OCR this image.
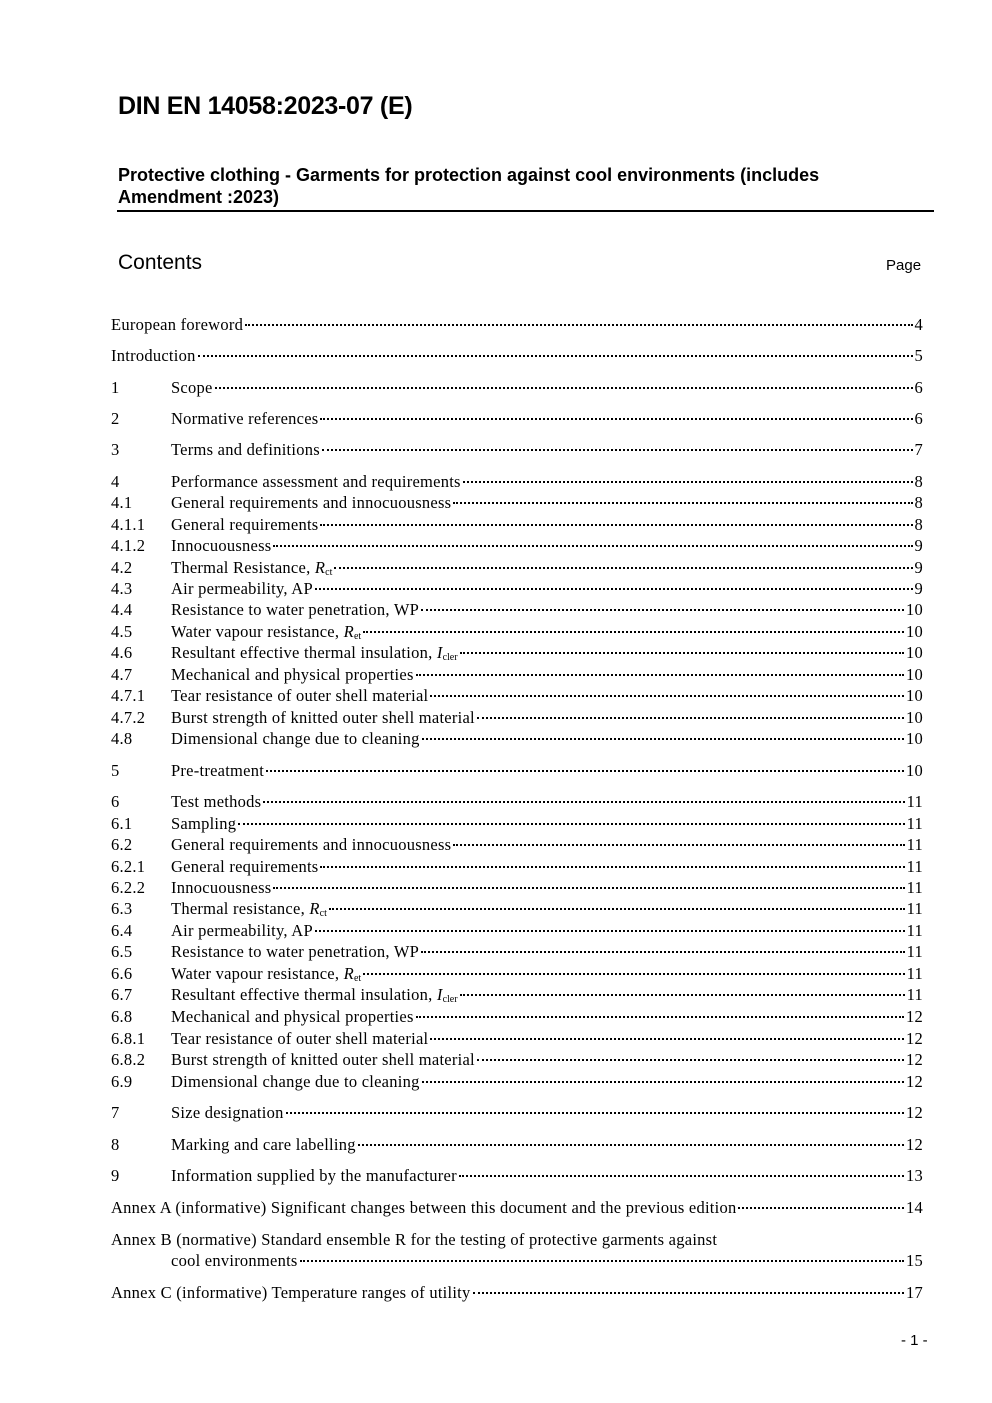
DIN EN 14058:2023-07 (E)
Protective clothing - Garments for protection against cool environments (includes Amendment :2023)
Contents	Page
European foreword	4
Introduction	5
1	Scope	6
2	Normative references	6
3	Terms and definitions	7
4	Performance assessment and requirements	8
4.1 General requirements and innocuousness	8
4.1.1 General requirements	8
4.1.2 Innocuousness	9
4.2 Thermal Resistance, $R_{ct}$	9
4.3 Air permeability, AP	9
4.4 Resistance to water penetration, WP	10
4.5 Water vapour resistance, $R_{et}$	10
4.6 Resultant effective thermal insulation, $I_{cler}$	10
4.7 Mechanical and physical properties	10
4.7.1 Tear resistance of outer shell material	10
4.7.2 Burst strength of knitted outer shell material	10
4.8 Dimensional change due to cleaning	10
5	Pre-treatment	10
6	Test methods	11
6.1 Sampling	11
6.2 General requirements and innocuousness	11
6.2.1 General requirements	11
6.2.2 Innocuousness	11
6.3 Thermal resistance, $R_{ct}$	11
6.4 Air permeability, AP	11
6.5 Resistance to water penetration, WP	11
6.6 Water vapour resistance, $R_{et}$	11
6.7 Resultant effective thermal insulation, $I_{cler}$	11
6.8 Mechanical and physical properties	12
6.8.1 Tear resistance of outer shell material	12
6.8.2 Burst strength of knitted outer shell material	12
6.9 Dimensional change due to cleaning	12
7	Size designation	12
8	Marking and care labelling	12
9	Information supplied by the manufacturer	13
Annex A (informative) Significant changes between this document and the previous edition	14
Annex B (normative) Standard ensemble R for the testing of protective garments against
cool environments	15
Annex C (informative) Temperature ranges of utility	17
- 1 -
